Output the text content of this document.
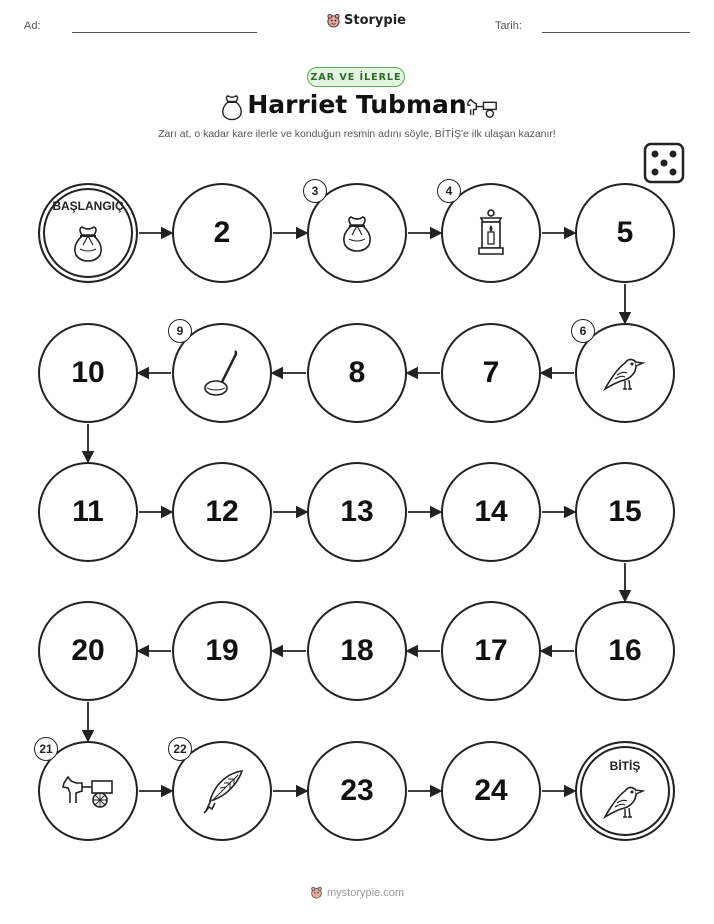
Ad:	Storypie	Tarih:
ZAR VE İLERLE
Harriet Tubman
Zarı at, o kadar kare ilerle ve konduğun resmin adını söyle. BİTİŞ'e ilk ulaşan kazanır!
BAŞLANGIÇ
2
3	4
5
6
7
8
9
10
11	12	13	14	15
16
17
18
19
20
21	22
23	24
BİTİŞ
mystorypie.com
